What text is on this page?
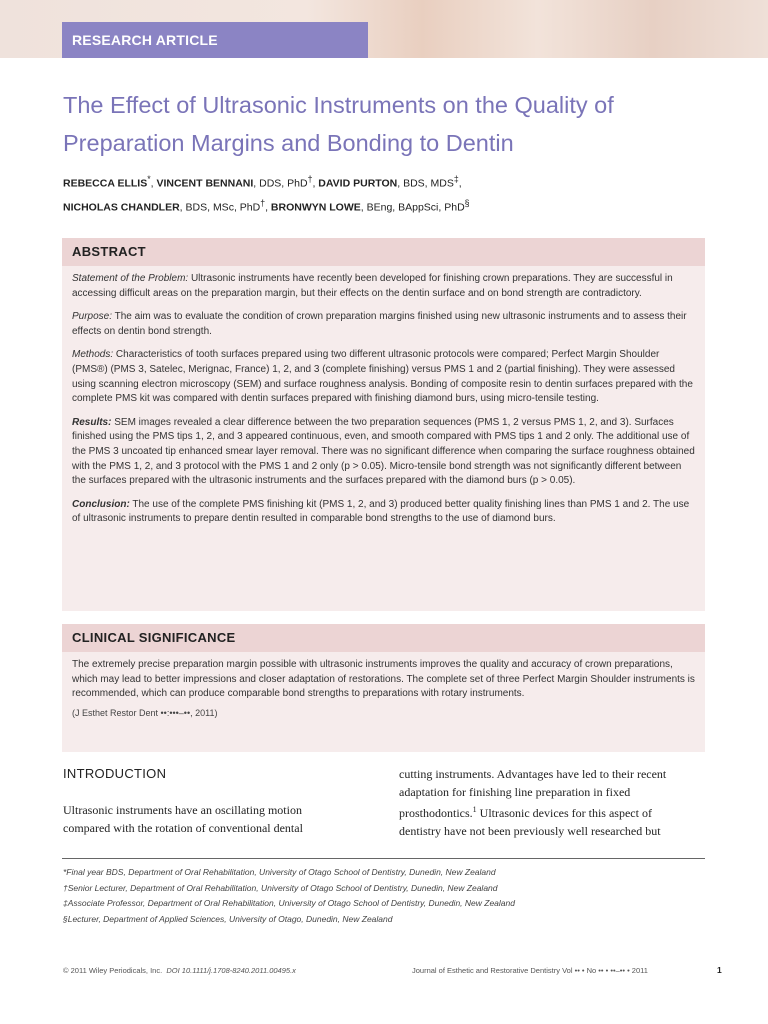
RESEARCH ARTICLE
The Effect of Ultrasonic Instruments on the Quality of Preparation Margins and Bonding to Dentin
REBECCA ELLIS*, VINCENT BENNANI, DDS, PhD†, DAVID PURTON, BDS, MDS‡,
NICHOLAS CHANDLER, BDS, MSc, PhD†, BRONWYN LOWE, BEng, BAppSci, PhD§
ABSTRACT

Statement of the Problem: Ultrasonic instruments have recently been developed for finishing crown preparations. They are successful in accessing difficult areas on the preparation margin, but their effects on the dentin surface and on bond strength are contradictory.

Purpose: The aim was to evaluate the condition of crown preparation margins finished using new ultrasonic instruments and to assess their effects on dentin bond strength.

Methods: Characteristics of tooth surfaces prepared using two different ultrasonic protocols were compared; Perfect Margin Shoulder (PMS®) (PMS 3, Satelec, Merignac, France) 1, 2, and 3 (complete finishing) versus PMS 1 and 2 (partial finishing). They were assessed using scanning electron microscopy (SEM) and surface roughness analysis. Bonding of composite resin to dentin surfaces prepared with the complete PMS kit was compared with dentin surfaces prepared with finishing diamond burs, using micro-tensile testing.

Results: SEM images revealed a clear difference between the two preparation sequences (PMS 1, 2 versus PMS 1, 2, and 3). Surfaces finished using the PMS tips 1, 2, and 3 appeared continuous, even, and smooth compared with PMS tips 1 and 2 only. The additional use of the PMS 3 uncoated tip enhanced smear layer removal. There was no significant difference when comparing the surface roughness obtained with the PMS 1, 2, and 3 protocol with the PMS 1 and 2 only (p > 0.05). Micro-tensile bond strength was not significantly different between the surfaces prepared with the ultrasonic instruments and the surfaces prepared with the diamond burs (p > 0.05).

Conclusion: The use of the complete PMS finishing kit (PMS 1, 2, and 3) produced better quality finishing lines than PMS 1 and 2. The use of ultrasonic instruments to prepare dentin resulted in comparable bond strengths to the use of diamond burs.

CLINICAL SIGNIFICANCE

The extremely precise preparation margin possible with ultrasonic instruments improves the quality and accuracy of crown preparations, which may lead to better impressions and closer adaptation of restorations. The complete set of three Perfect Margin Shoulder instruments is recommended, which can produce comparable bond strengths to preparations with rotary instruments.

(J Esthet Restor Dent ••:•••–••, 2011)

INTRODUCTION

Ultrasonic instruments have an oscillating motion compared with the rotation of conventional dental

cutting instruments. Advantages have led to their recent adaptation for finishing line preparation in fixed prosthodontics.$^1$ Ultrasonic devices for this aspect of dentistry have not been previously well researched but

*Final year BDS, Department of Oral Rehabilitation, University of Otago School of Dentistry, Dunedin, New Zealand
†Senior Lecturer, Department of Oral Rehabilitation, University of Otago School of Dentistry, Dunedin, New Zealand
‡Associate Professor, Department of Oral Rehabilitation, University of Otago School of Dentistry, Dunedin, New Zealand
§Lecturer, Department of Applied Sciences, University of Otago, Dunedin, New Zealand
© 2011 Wiley Periodicals, Inc. DOI 10.1111/j.1708-8240.2011.00495.x	Journal of Esthetic and Restorative Dentistry Vol •• • No •• • ••–•• • 2011	1
